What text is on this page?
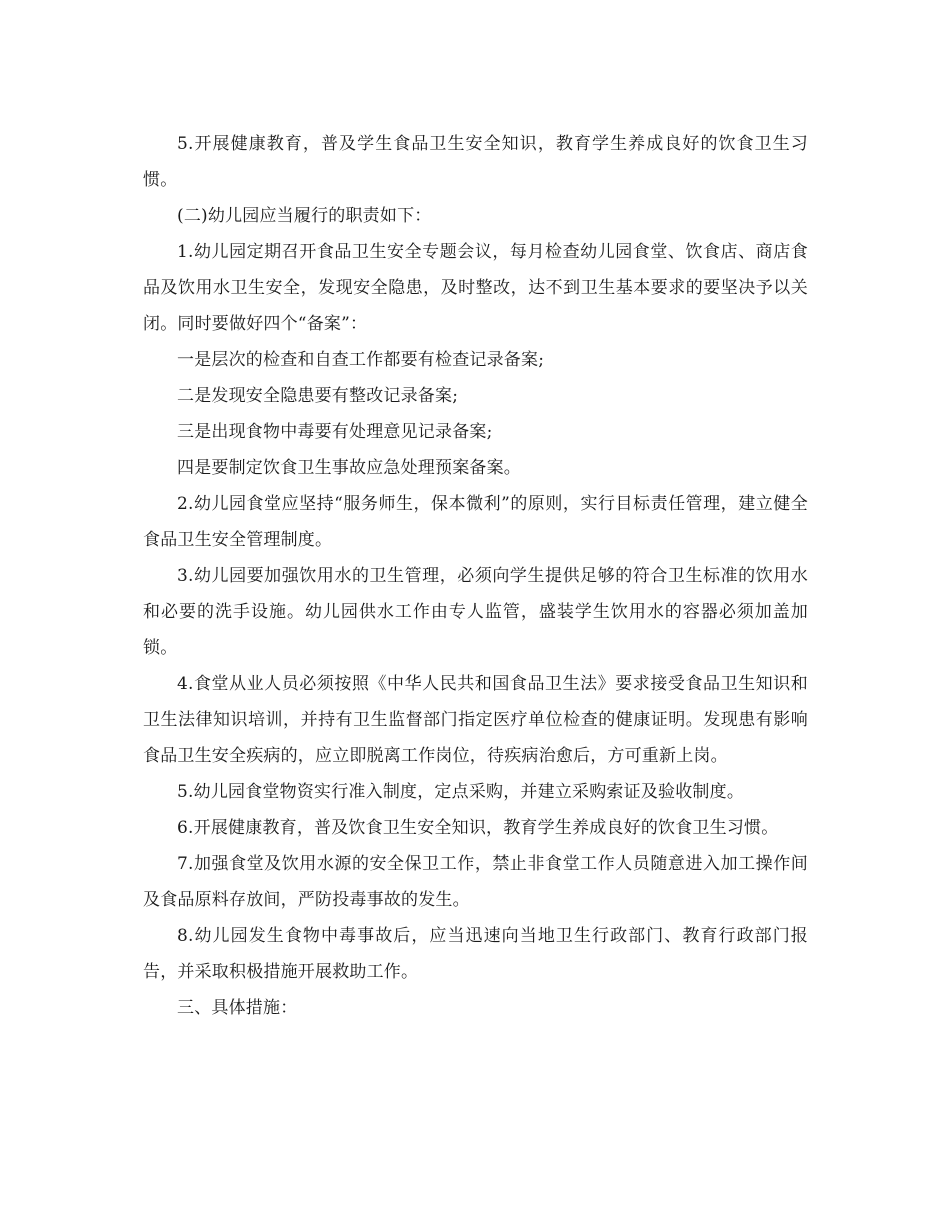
5.开展健康教育，普及学生食品卫生安全知识，教育学生养成良好的饮食卫生习惯。

(二)幼儿园应当履行的职责如下：

1.幼儿园定期召开食品卫生安全专题会议，每月检查幼儿园食堂、饮食店、商店食品及饮用水卫生安全，发现安全隐患，及时整改，达不到卫生基本要求的要坚决予以关闭。同时要做好四个“备案”：

一是层次的检查和自查工作都要有检查记录备案;

二是发现安全隐患要有整改记录备案;

三是出现食物中毒要有处理意见记录备案;

四是要制定饮食卫生事故应急处理预案备案。

2.幼儿园食堂应坚持“服务师生，保本微利”的原则，实行目标责任管理，建立健全食品卫生安全管理制度。

3.幼儿园要加强饮用水的卫生管理，必须向学生提供足够的符合卫生标准的饮用水和必要的洗手设施。幼儿园供水工作由专人监管，盛装学生饮用水的容器必须加盖加锁。

4.食堂从业人员必须按照《中华人民共和国食品卫生法》要求接受食品卫生知识和卫生法律知识培训，并持有卫生监督部门指定医疗单位检查的健康证明。发现患有影响食品卫生安全疾病的，应立即脱离工作岗位，待疾病治愈后，方可重新上岗。

5.幼儿园食堂物资实行准入制度，定点采购，并建立采购索证及验收制度。

6.开展健康教育，普及饮食卫生安全知识，教育学生养成良好的饮食卫生习惯。

7.加强食堂及饮用水源的安全保卫工作，禁止非食堂工作人员随意进入加工操作间及食品原料存放间，严防投毒事故的发生。

8.幼儿园发生食物中毒事故后，应当迅速向当地卫生行政部门、教育行政部门报告，并采取积极措施开展救助工作。

三、具体措施：
